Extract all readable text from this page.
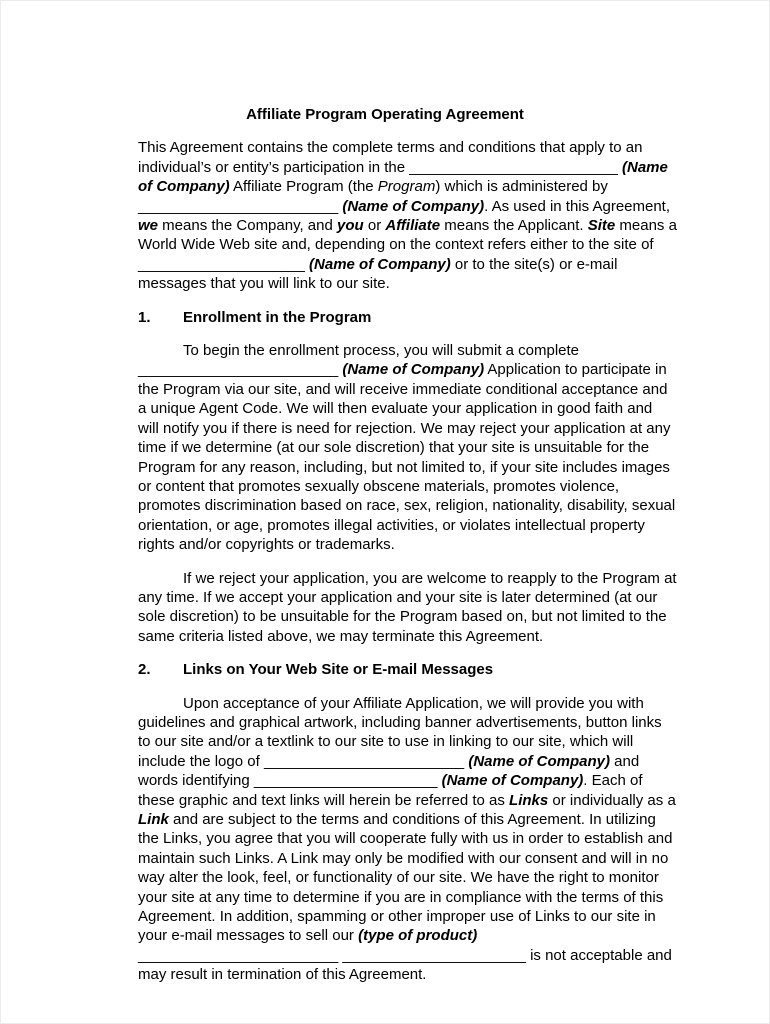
Affiliate Program Operating Agreement

This Agreement contains the complete terms and conditions that apply to an individual’s or entity’s participation in the _________________________ (Name of Company) Affiliate Program (the Program) which is administered by ________________________ (Name of Company). As used in this Agreement, we means the Company, and you or Affiliate means the Applicant. Site means a World Wide Web site and, depending on the context refers either to the site of ____________________ (Name of Company) or to the site(s) or e-mail messages that you will link to our site.

1.	Enrollment in the Program

To begin the enrollment process, you will submit a complete ________________________ (Name of Company) Application to participate in the Program via our site, and will receive immediate conditional acceptance and a unique Agent Code. We will then evaluate your application in good faith and will notify you if there is need for rejection. We may reject your application at any time if we determine (at our sole discretion) that your site is unsuitable for the Program for any reason, including, but not limited to, if your site includes images or content that promotes sexually obscene materials, promotes violence, promotes discrimination based on race, sex, religion, nationality, disability, sexual orientation, or age, promotes illegal activities, or violates intellectual property rights and/or copyrights or trademarks.

If we reject your application, you are welcome to reapply to the Program at any time. If we accept your application and your site is later determined (at our sole discretion) to be unsuitable for the Program based on, but not limited to the same criteria listed above, we may terminate this Agreement.

2.	Links on Your Web Site or E-mail Messages

Upon acceptance of your Affiliate Application, we will provide you with guidelines and graphical artwork, including banner advertisements, button links to our site and/or a textlink to our site to use in linking to our site, which will include the logo of ________________________ (Name of Company) and words identifying ______________________ (Name of Company). Each of these graphic and text links will herein be referred to as Links or individually as a Link and are subject to the terms and conditions of this Agreement. In utilizing the Links, you agree that you will cooperate fully with us in order to establish and maintain such Links. A Link may only be modified with our consent and will in no way alter the look, feel, or functionality of our site. We have the right to monitor your site at any time to determine if you are in compliance with the terms of this Agreement. In addition, spamming or other improper use of Links to our site in your e-mail messages to sell our (type of product) ________________________ ______________________ is not acceptable and may result in termination of this Agreement.
